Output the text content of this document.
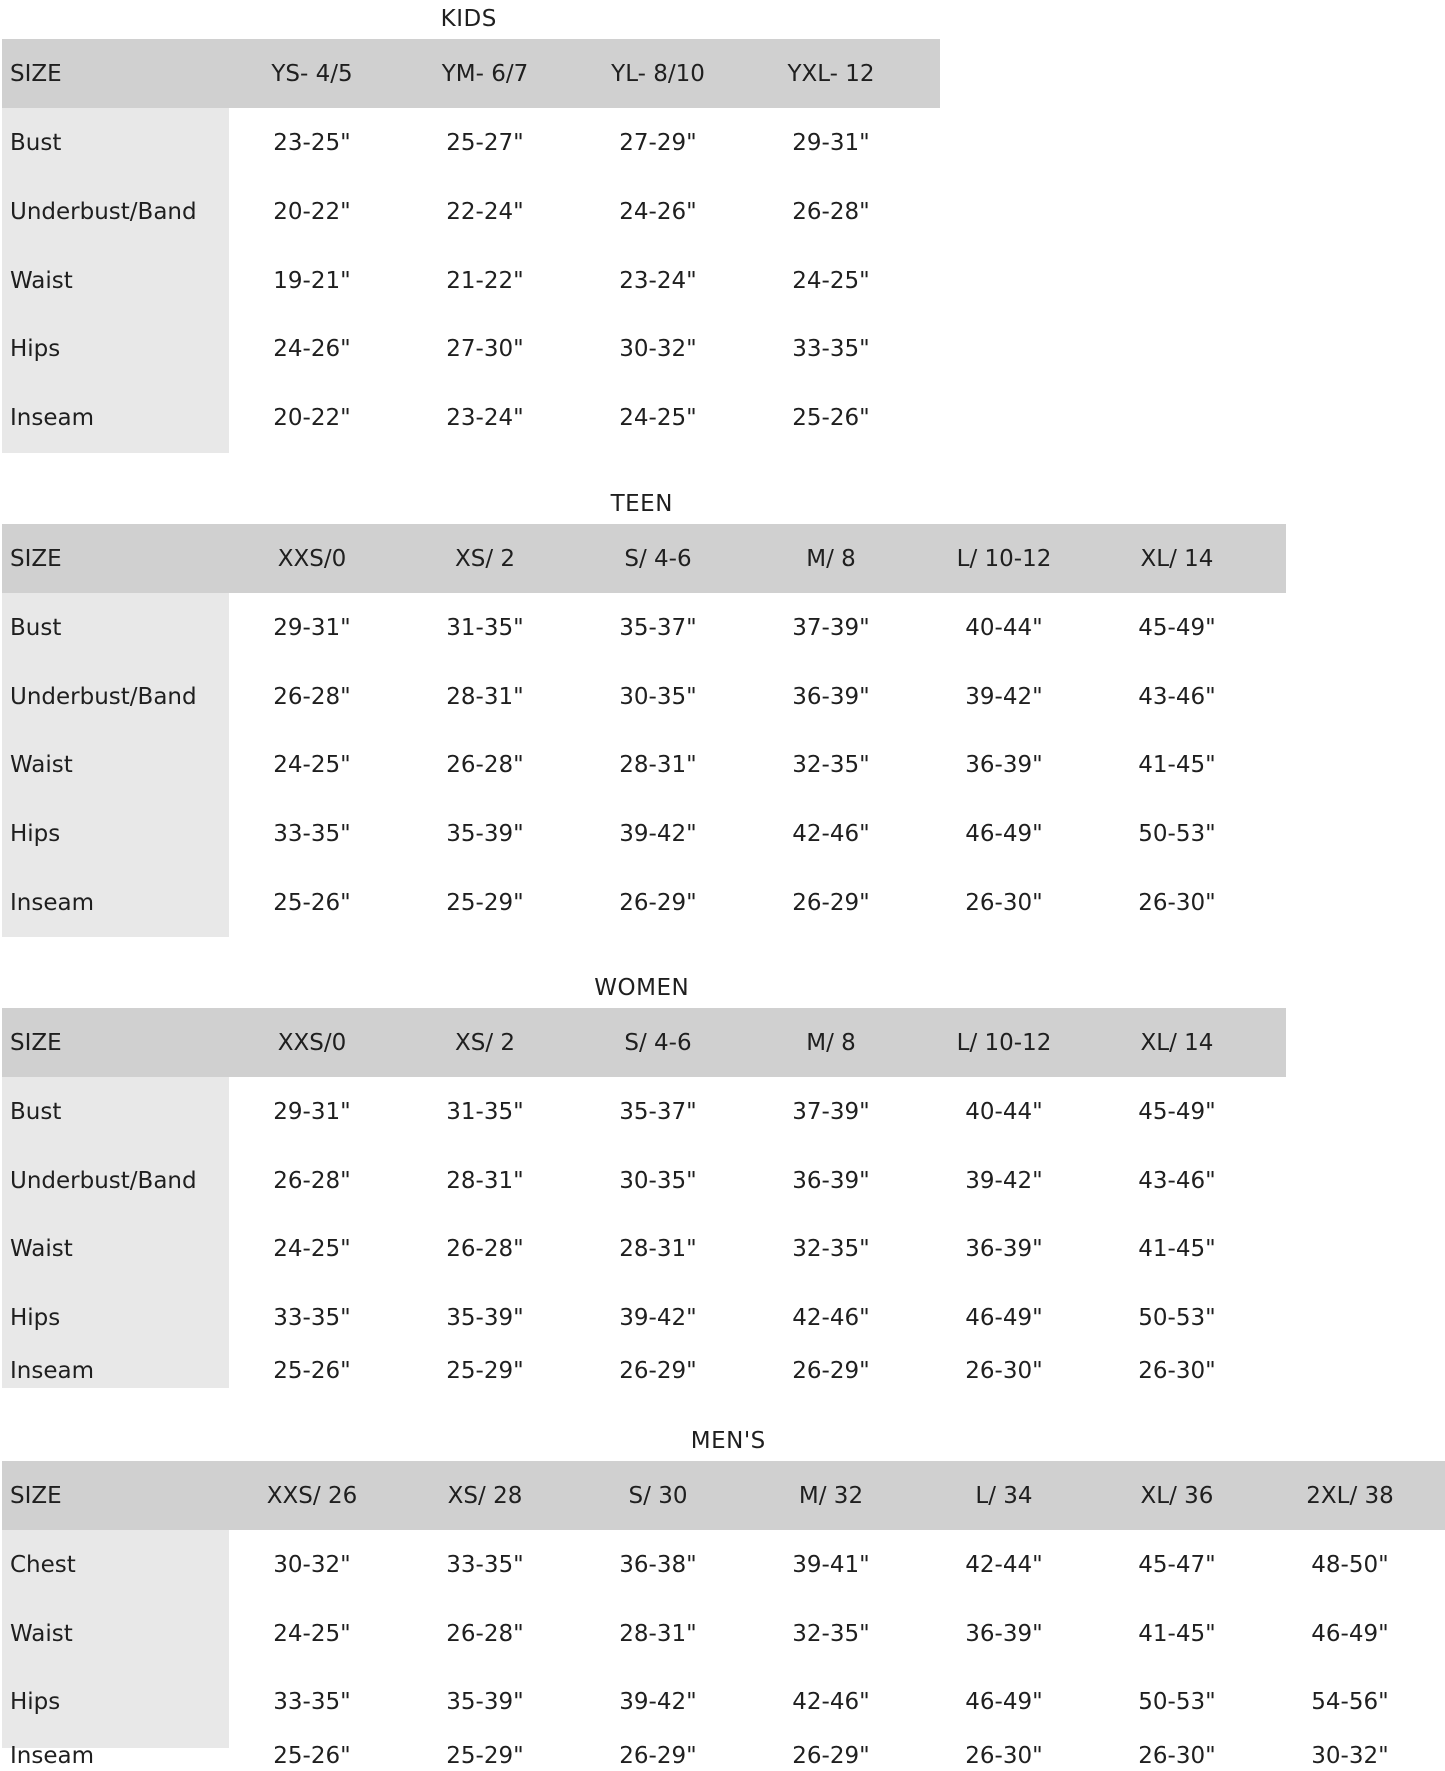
KIDS
SIZE	YS- 4/5	YM- 6/7	YL- 8/10	YXL- 12
Bust	23-25"	25-27"	27-29"	29-31"
Underbust/Band	20-22"	22-24"	24-26"	26-28"
Waist	19-21"	21-22"	23-24"	24-25"
Hips	24-26"	27-30"	30-32"	33-35"
Inseam	20-22"	23-24"	24-25"	25-26"
TEEN
SIZE	XXS/0	XS/ 2	S/ 4-6	M/ 8	L/ 10-12	XL/ 14
Bust	29-31"	31-35"	35-37"	37-39"	40-44"	45-49"
Underbust/Band	26-28"	28-31"	30-35"	36-39"	39-42"	43-46"
Waist	24-25"	26-28"	28-31"	32-35"	36-39"	41-45"
Hips	33-35"	35-39"	39-42"	42-46"	46-49"	50-53"
Inseam	25-26"	25-29"	26-29"	26-29"	26-30"	26-30"
WOMEN
SIZE	XXS/0	XS/ 2	S/ 4-6	M/ 8	L/ 10-12	XL/ 14
Bust	29-31"	31-35"	35-37"	37-39"	40-44"	45-49"
Underbust/Band	26-28"	28-31"	30-35"	36-39"	39-42"	43-46"
Waist	24-25"	26-28"	28-31"	32-35"	36-39"	41-45"
Hips	33-35"	35-39"	39-42"	42-46"	46-49"	50-53"
Inseam	25-26"	25-29"	26-29"	26-29"	26-30"	26-30"
MEN'S
SIZE	XXS/ 26	XS/ 28	S/ 30	M/ 32	L/ 34	XL/ 36	2XL/ 38
Chest	30-32"	33-35"	36-38"	39-41"	42-44"	45-47"	48-50"
Waist	24-25"	26-28"	28-31"	32-35"	36-39"	41-45"	46-49"
Hips	33-35"	35-39"	39-42"	42-46"	46-49"	50-53"	54-56"
Inseam	25-26"	25-29"	26-29"	26-29"	26-30"	26-30"	30-32"
